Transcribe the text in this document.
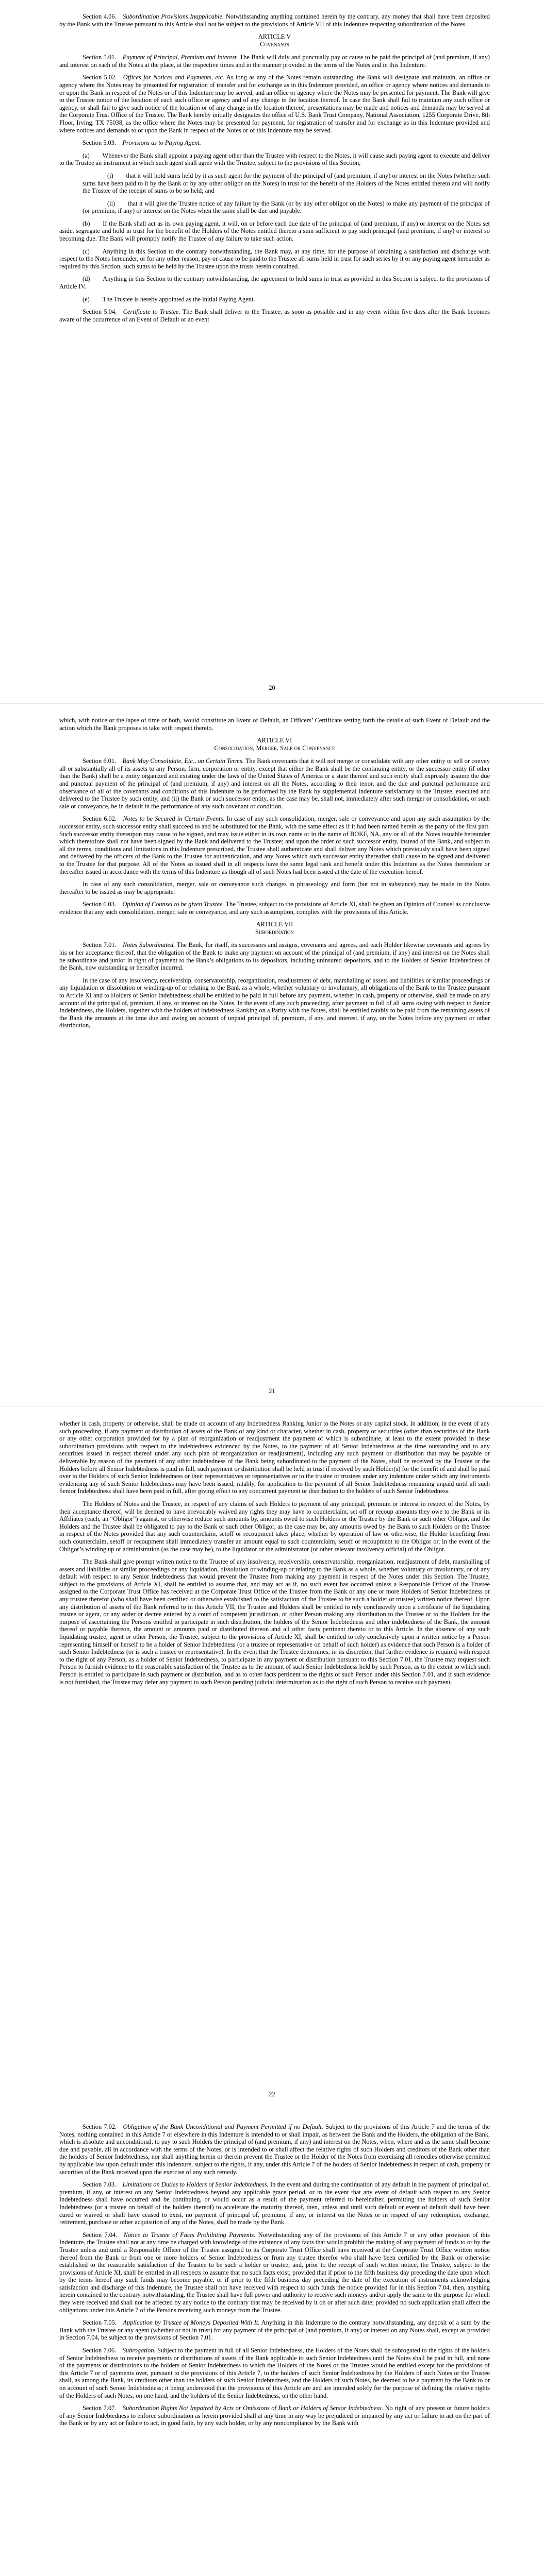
Section 4.06.  Subordination Provisions Inapplicable. Notwithstanding anything contained herein by the contrary, any money that shall have been deposited by the Bank with the Trustee pursuant to this Article shall not be subject to the provisions of Article VII of this Indenture respecting subordination of the Notes.

ARTICLE V

Covenants

Section 5.01.  Payment of Principal, Premium and Interest. The Bank will duly and punctually pay or cause to be paid the principal of (and premium, if any) and interest on each of the Notes at the place, at the respective times and in the manner provided in the terms of the Notes and in this Indenture.

Section 5.02.  Offices for Notices and Payments, etc. As long as any of the Notes remain outstanding, the Bank will designate and maintain, an office or agency where the Notes may be presented for registration of transfer and for exchange as in this Indenture provided, an office or agency where notices and demands to or upon the Bank in respect of the Notes or of this Indenture may be served, and an office or agency where the Notes may be presented for payment. The Bank will give to the Trustee notice of the location of each such office or agency and of any change in the location thereof. In case the Bank shall fail to maintain any such office or agency, or shall fail to give such notice of the location or of any change in the location thereof, presentations may be made and notices and demands may be served at the Corporate Trust Office of the Trustee. The Bank hereby initially designates the office of U.S. Bank Trust Company, National Association, 1255 Corporate Drive, 8th Floor, Irving, TX 75038, as the office where the Notes may be presented for payment, for registration of transfer and for exchange as in this Indenture provided and where notices and demands to or upon the Bank in respect of the Notes or of this Indenture may be served.

Section 5.03.  Provisions as to Paying Agent.

(a)  Whenever the Bank shall appoint a paying agent other than the Trustee with respect to the Notes, it will cause such paying agent to execute and deliver to the Trustee an instrument in which such agent shall agree with the Trustee, subject to the provisions of this Section,

(i)  that it will hold sums held by it as such agent for the payment of the principal of (and premium, if any) or interest on the Notes (whether such sums have been paid to it by the Bank or by any other obligor on the Notes) in trust for the benefit of the Holders of the Notes entitled thereto and will notify the Trustee of the receipt of sums to be so held; and

(ii)  that it will give the Trustee notice of any failure by the Bank (or by any other obligor on the Notes) to make any payment of the principal of (or premium, if any) or interest on the Notes when the same shall be due and payable.

(b)  If the Bank shall act as its own paying agent, it will, on or before each due date of the principal of (and premium, if any) or interest on the Notes set aside, segregate and hold in trust for the benefit of the Holders of the Notes entitled thereto a sum sufficient to pay such principal (and premium, if any) or interest so becoming due. The Bank will promptly notify the Trustee of any failure to take such action.

(c)  Anything in this Section to the contrary notwithstanding, the Bank may, at any time, for the purpose of obtaining a satisfaction and discharge with respect to the Notes hereunder, or for any other reason, pay or cause to be paid to the Trustee all sums held in trust for such series by it or any paying agent hereunder as required by this Section, such sums to be held by the Trustee upon the trusts herein contained.

(d)  Anything in this Section to the contrary notwithstanding, the agreement to hold sums in trust as provided in this Section is subject to the provisions of Article IV.

(e)  The Trustee is hereby appointed as the initial Paying Agent.

Section 5.04.  Certificate to Trustee. The Bank shall deliver to the Trustee, as soon as possible and in any event within five days after the Bank becomes aware of the occurrence of an Event of Default or an event

20

which, with notice or the lapse of time or both, would constitute an Event of Default, an Officers’ Certificate setting forth the details of such Event of Default and the action which the Bank proposes to take with respect thereto.

ARTICLE VI

Consolidation, Merger, Sale or Conveyance

Section 6.01.  Bank May Consolidate, Etc., on Certain Terms. The Bank covenants that it will not merge or consolidate with any other entity or sell or convey all or substantially all of its assets to any Person, firm, corporation or entity, except that either the Bank shall be the continuing entity, or the successor entity (if other than the Bank) shall be a entity organized and existing under the laws of the United States of America or a state thereof and such entity shall expressly assume the due and punctual payment of the principal of (and premium, if any) and interest on all the Notes, according to their tenor, and the due and punctual performance and observance of all of the covenants and conditions of this Indenture to be performed by the Bank by supplemental indenture satisfactory to the Trustee, executed and delivered to the Trustee by such entity, and (ii) the Bank or such successor entity, as the case may be, shall not, immediately after such merger or consolidation, or such sale or conveyance, be in default in the performance of any such covenant or condition.

Section 6.02.  Notes to be Secured in Certain Events. In case of any such consolidation, merger, sale or conveyance and upon any such assumption by the successor entity, such successor entity shall succeed to and be substituted for the Bank, with the same effect as if it had been named herein as the party of the first part. Such successor entity thereupon may cause to be signed, and may issue either in its own name or in the name of BOKF, NA, any or all of the Notes issuable hereunder which theretofore shall not have been signed by the Bank and delivered to the Trustee; and upon the order of such successor entity, instead of the Bank, and subject to all the terms, conditions and limitations in this Indenture prescribed, the Trustee shall authenticate and shall deliver any Notes which previously shall have been signed and delivered by the officers of the Bank to the Trustee for authentication, and any Notes which such successor entity thereafter shall cause to be signed and delivered to the Trustee for that purpose. All of the Notes so issued shall in all respects have the same legal rank and benefit under this Indenture as the Notes theretofore or thereafter issued in accordance with the terms of this Indenture as though all of such Notes had been issued at the date of the execution hereof.

In case of any such consolidation, merger, sale or conveyance such changes in phraseology and form (but not in substance) may be made in the Notes thereafter to be issued as may be appropriate.

Section 6.03.  Opinion of Counsel to be given Trustee. The Trustee, subject to the provisions of Article XI, shall be given an Opinion of Counsel as conclusive evidence that any such consolidation, merger, sale or conveyance, and any such assumption, complies with the provisions of this Article.

ARTICLE VII

Subordination

Section 7.01.  Notes Subordinated. The Bank, for itself, its successors and assigns, covenants and agrees, and each Holder likewise covenants and agrees by his or her acceptance thereof, that the obligation of the Bank to make any payment on account of the principal of (and premium, if any) and interest on the Notes shall be subordinate and junior in right of payment to the Bank’s obligations to its depositors, including uninsured depositors, and to the Holders of Senior Indebtedness of the Bank, now outstanding or hereafter incurred.

In the case of any insolvency, receivership, conservatorship, reorganization, readjustment of debt, marshalling of assets and liabilities or similar proceedings or any liquidation or dissolution or winding-up of or relating to the Bank as a whole, whether voluntary or involuntary, all obligations of the Bank to the Trustee pursuant to Article XI and to Holders of Senior Indebtedness shall be entitled to be paid in full before any payment, whether in cash, property or otherwise, shall be made on any account of the principal of, premium, if any, or interest on the Notes. In the event of any such proceeding, after payment in full of all sums owing with respect to Senior Indebtedness, the Holders, together with the holders of Indebtedness Ranking on a Parity with the Notes, shall be entitled ratably to be paid from the remaining assets of the Bank the amounts at the time due and owing on account of unpaid principal of, premium, if any, and interest, if any, on the Notes before any payment or other distribution,

21

whether in cash, property or otherwise, shall be made on account of any Indebtedness Ranking Junior to the Notes or any capital stock. In addition, in the event of any such proceeding, if any payment or distribution of assets of the Bank of any kind or character, whether in cash, property or securities (other than securities of the Bank or any other corporation provided for by a plan of reorganization or readjustment the payment of which is subordinate, at least to the extent provided in these subordination provisions with respect to the indebtedness evidenced by the Notes, to the payment of all Senior Indebtedness at the time outstanding and to any securities issued in respect thereof under any such plan of reorganization or readjustment), including any such payment or distribution that may be payable or deliverable by reason of the payment of any other indebtedness of the Bank being subordinated to the payment of the Notes, shall be received by the Trustee or the Holders before all Senior Indebtedness is paid in full, such payment or distribution shall be held in trust if received by such Holder(s) for the benefit of and shall be paid over to the Holders of such Senior Indebtedness or their representatives or representatives or to the trustee or trustees under any indenture under which any instruments evidencing any of such Senior Indebtedness may have been issued, ratably, for application to the payment of all Senior Indebtedness remaining unpaid until all such Senior Indebtedness shall have been paid in full, after giving effect to any concurrent payment or distribution to the holders of such Senior Indebtedness.

The Holders of Notes and the Trustee, in respect of any claims of such Holders to payment of any principal, premium or interest in respect of the Notes, by their acceptance thereof, will be deemed to have irrevocably waived any rights they may have to counterclaim, set off or recoup amounts they owe to the Bank or its Affiliates (each, an “Obligor”) against, or otherwise reduce such amounts by, amounts owed to such Holders or the Trustee by the Bank or such other Obligor, and the Holders and the Trustee shall be obligated to pay to the Bank or such other Obligor, as the case may be, any amounts owed by the Bank to such Holders or the Trustee in respect of the Notes provided that any such counterclaim, setoff or recoupment takes place, whether by operation of law or otherwise, the Holder benefiting from such counterclaim, setoff or recoupment shall immediately transfer an amount equal to such counterclaim, setoff or recoupment to the Obligor or, in the event of the Obligor’s winding up or administration (as the case may be), to the liquidator or the administrator (or other relevant insolvency official) of the Obligor.

The Bank shall give prompt written notice to the Trustee of any insolvency, receivership, conservatorship, reorganization, readjustment of debt, marshalling of assets and liabilities or similar proceedings or any liquidation, dissolution or winding-up or relating to the Bank as a whole, whether voluntary or involuntary, or of any default with respect to any Senior Indebtedness that would prevent the Trustee from making any payment in respect of the Notes under this Section. The Trustee, subject to the provisions of Article XI, shall be entitled to assume that, and may act as if, no such event has occurred unless a Responsible Officer of the Trustee assigned to the Corporate Trust Office has received at the Corporate Trust Office of the Trustee from the Bank or any one or more Holders of Senior Indebtedness or any trustee therefor (who shall have been certified or otherwise established to the satisfaction of the Trustee to be such a holder or trustee) written notice thereof. Upon any distribution of assets of the Bank referred to in this Article VII, the Trustee and Holders shall be entitled to rely conclusively upon a certificate of the liquidating trustee or agent, or any order or decree entered by a court of competent jurisdiction, or other Person making any distribution to the Trustee or to the Holders for the purpose of ascertaining the Persons entitled to participate in such distribution, the holders of the Senior Indebtedness and other indebtedness of the Bank, the amount thereof or payable thereon, the amount or amounts paid or distributed thereon and all other facts pertinent thereto or to this Article. In the absence of any such liquidating trustee, agent or other Person, the Trustee, subject to the provisions of Article XI, shall be entitled to rely conclusively upon a written notice by a Person representing himself or herself to be a holder of Senior Indebtedness (or a trustee or representative on behalf of such holder) as evidence that such Person is a holder of such Senior Indebtedness (or is such a trustee or representative). In the event that the Trustee determines, in its discretion, that further evidence is required with respect to the right of any Person, as a holder of Senior Indebtedness, to participate in any payment or distribution pursuant to this Section 7.01, the Trustee may request such Person to furnish evidence to the reasonable satisfaction of the Trustee as to the amount of such Senior Indebtedness held by such Person, as to the extent to which such Person is entitled to participate in such payment or distribution, and as to other facts pertinent to the rights of such Person under this Section 7.01, and if such evidence is not furnished, the Trustee may defer any payment to such Person pending judicial determination as to the right of such Person to receive such payment.

22

Section 7.02.  Obligation of the Bank Unconditional and Payment Permitted if no Default. Subject to the provisions of this Article 7 and the terms of the Notes, nothing contained in this Article 7 or elsewhere in this Indenture is intended to or shall impair, as between the Bank and the Holders, the obligation of the Bank, which is absolute and unconditional, to pay to such Holders the principal of (and premium, if any) and interest on the Notes, when, where and as the same shall become due and payable, all in accordance with the terms of the Notes, or is intended to or shall affect the relative rights of such Holders and creditors of the Bank other than the holders of Senior Indebtedness, nor shall anything herein or therein prevent the Trustee or the Holder of the Notes from exercising all remedies otherwise permitted by applicable law upon default under this Indenture, subject to the rights, if any, under this Article 7 of the holders of Senior Indebtedness in respect of cash, property or securities of the Bank received upon the exercise of any such remedy.

Section 7.03.  Limitations on Duties to Holders of Senior Indebtedness. In the event and during the continuation of any default in the payment of principal of, premium, if any, or interest on any Senior Indebtedness beyond any applicable grace period, or in the event that any event of default with respect to any Senior Indebtedness shall have occurred and be continuing, or would occur as a result of the payment referred to hereinafter, permitting the holders of such Senior Indebtedness (or a trustee on behalf of the holders thereof) to accelerate the maturity thereof, then, unless and until such default or event of default shall have been cured or waived or shall have ceased to exist, no payment of principal of, premium, if any, or interest on the Notes or in respect of any redemption, exchange, retirement, purchase or other acquisition of any of the Notes, shall be made by the Bank.

Section 7.04.  Notice to Trustee of Facts Prohibiting Payments. Notwithstanding any of the provisions of this Article 7 or any other provision of this Indenture, the Trustee shall not at any time be charged with knowledge of the existence of any facts that would prohibit the making of any payment of funds to or by the Trustee unless and until a Responsible Officer of the Trustee assigned to its Corporate Trust Office shall have received at the Corporate Trust Office written notice thereof from the Bank or from one or more holders of Senior Indebtedness or from any trustee therefor who shall have been certified by the Bank or otherwise established to the reasonable satisfaction of the Trustee to be such a holder or trustee; and, prior to the receipt of such written notice, the Trustee, subject to the provisions of Article XI, shall be entitled in all respects to assume that no such facts exist; provided that if prior to the fifth business day preceding the date upon which by the terms hereof any such funds may become payable, or if prior to the fifth business day preceding the date of the execution of instruments acknowledging satisfaction and discharge of this Indenture, the Trustee shall not have received with respect to such funds the notice provided for in this Section 7.04, then, anything herein contained to the contrary notwithstanding, the Trustee shall have full power and authority to receive such moneys and/or apply the same to the purpose for which they were received and shall not be affected by any notice to the contrary that may be received by it on or after such date; provided no such application shall affect the obligations under this Article 7 of the Persons receiving such moneys from the Trustee.

Section 7.05.  Application by Trustee of Moneys Deposited With It. Anything in this Indenture to the contrary notwithstanding, any deposit of a sum by the Bank with the Trustee or any agent (whether or not in trust) for any payment of the principal of (and premium, if any) or interest on any Notes shall, except as provided in Section 7.04, be subject to the provisions of Section 7.01.

Section 7.06.  Subrogation. Subject to the payment in full of all Senior Indebtedness, the Holders of the Notes shall be subrogated to the rights of the holders of Senior Indebtedness to receive payments or distributions of assets of the Bank applicable to such Senior Indebtedness until the Notes shall be paid in full, and none of the payments or distributions to the holders of Senior Indebtedness to which the Holders of the Notes or the Trustee would be entitled except for the provisions of this Article 7 or of payments over, pursuant to the provisions of this Article 7, to the holders of such Senior Indebtedness by the Holders of such Notes or the Trustee shall, as among the Bank, its creditors other than the holders of such Senior Indebtedness, and the Holders of such Notes, be deemed to be a payment by the Bank to or on account of such Senior Indebtedness; it being understood that the provisions of this Article are and are intended solely for the purpose of defining the relative rights of the Holders of such Notes, on one hand, and the holders of the Senior Indebtedness, on the other hand.

Section 7.07.  Subordination Rights Not Impaired by Acts or Omissions of Bank or Holders of Senior Indebtedness. No right of any present or future holders of any Senior Indebtedness to enforce subordination as herein provided shall at any time in any way be prejudiced or impaired by any act or failure to act on the part of the Bank or by any act or failure to act, in good faith, by any such holder, or by any noncompliance by the Bank with
